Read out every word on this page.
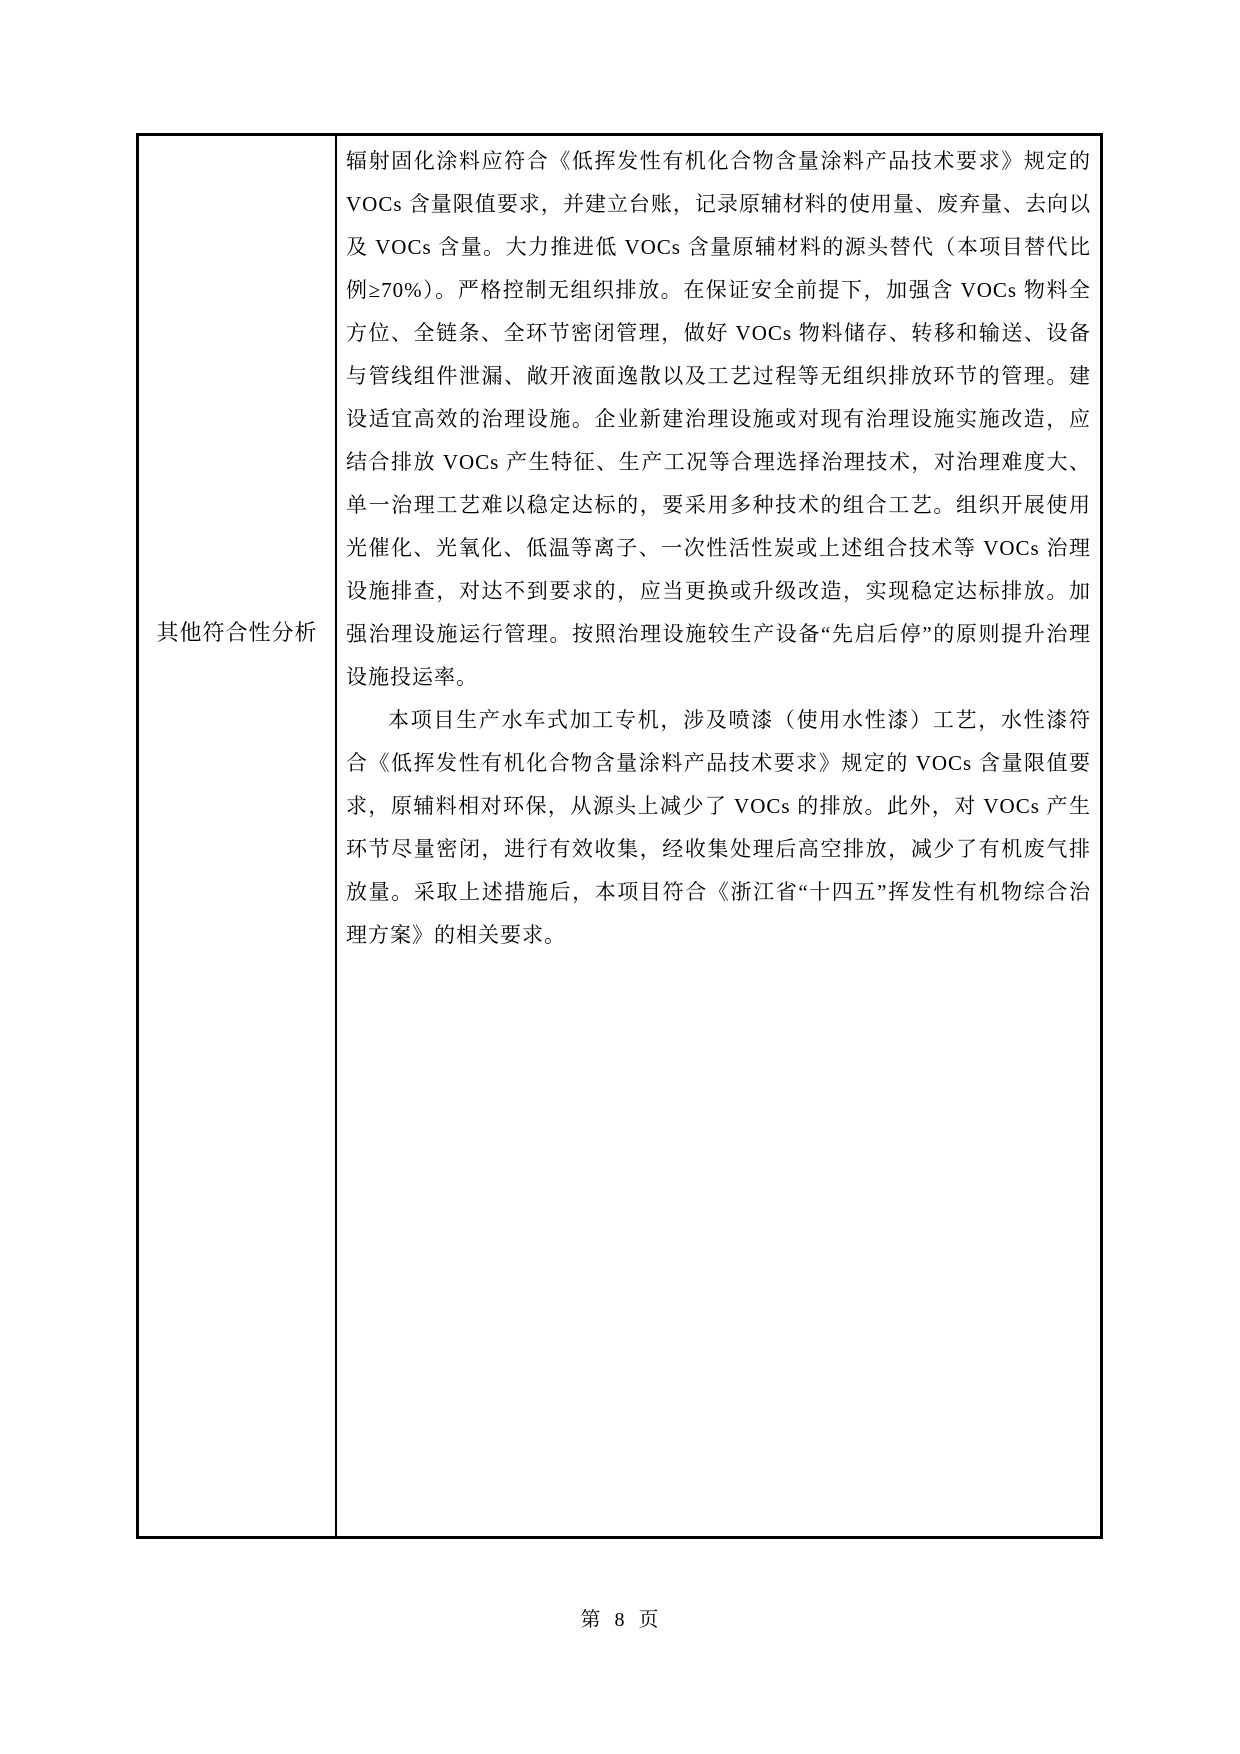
其他符合性分析

辐射固化涂料应符合《低挥发性有机化合物含量涂料产品技术要求》规定的 VOCs 含量限值要求，并建立台账，记录原辅材料的使用量、废弃量、去向以及 VOCs 含量。大力推进低 VOCs 含量原辅材料的源头替代（本项目替代比例≥70%）。严格控制无组织排放。在保证安全前提下，加强含 VOCs 物料全方位、全链条、全环节密闭管理，做好 VOCs 物料储存、转移和输送、设备与管线组件泄漏、敞开液面逸散以及工艺过程等无组织排放环节的管理。建设适宜高效的治理设施。企业新建治理设施或对现有治理设施实施改造，应结合排放 VOCs 产生特征、生产工况等合理选择治理技术，对治理难度大、单一治理工艺难以稳定达标的，要采用多种技术的组合工艺。组织开展使用光催化、光氧化、低温等离子、一次性活性炭或上述组合技术等 VOCs 治理设施排查，对达不到要求的，应当更换或升级改造，实现稳定达标排放。加强治理设施运行管理。按照治理设施较生产设备“先启后停”的原则提升治理设施投运率。

本项目生产水车式加工专机，涉及喷漆（使用水性漆）工艺，水性漆符合《低挥发性有机化合物含量涂料产品技术要求》规定的 VOCs 含量限值要求，原辅料相对环保，从源头上减少了 VOCs 的排放。此外，对 VOCs 产生环节尽量密闭，进行有效收集，经收集处理后高空排放，减少了有机废气排放量。采取上述措施后，本项目符合《浙江省“十四五”挥发性有机物综合治理方案》的相关要求。

第 8 页
